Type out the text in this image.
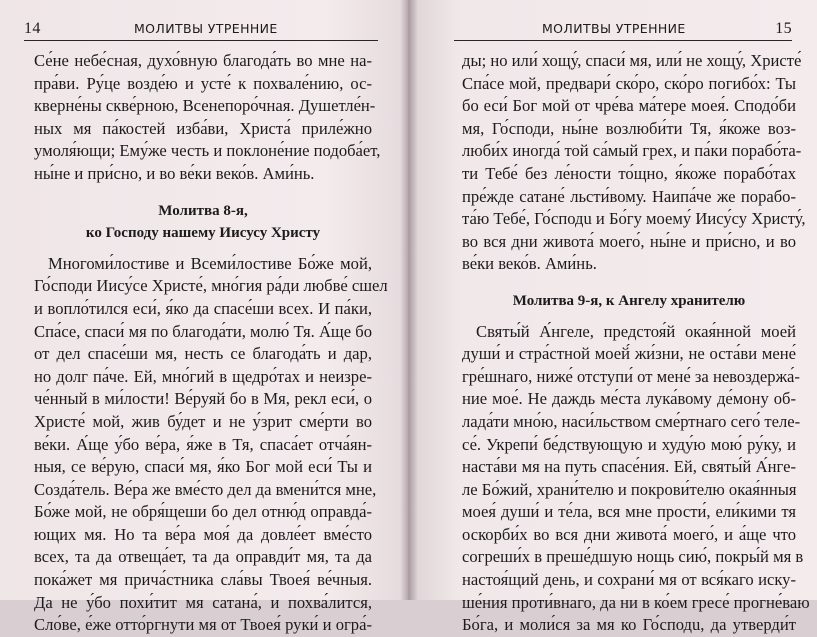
14	МОЛИТВЫ УТРЕННИЕ
Се́не небе́сная, духо́вную благода́ть во мне на-
пра́ви. Ру́це возде́ю и усте́ к похвале́нию, ос-
кверне́ны скве́рною, Всенепоро́чная. Душетле́н-
ных мя па́костей изба́ви, Христа́ приле́жно
умоля́ющи; Ему́же честь и поклоне́ние подоба́ет,
ны́не и при́сно, и во ве́ки веко́в. Ами́нь.
Молитва 8-я,
ко Господу нашему Иисусу Христу
Многоми́лостиве и Всеми́лостиве Бо́же мой,
Го́споди Иису́се Христе́, мно́гия ра́ди любве́ сшел
и вопло́тился еси́, я́ко да спасе́ши всех. И па́ки,
Спа́се, спаси́ мя по благода́ти, молю́ Тя. А́ще бо
от дел спасе́ши мя, несть се благода́ть и дар,
но долг па́че. Ей, мно́гий в щедро́тах и неизре-
че́нный в ми́лости! Ве́руяй бо в Мя, рекл еси́, о
Христе́ мой, жив бу́дет и не у́зрит сме́рти во
ве́ки. А́ще у́бо ве́ра, я́же в Тя, спаса́ет отча́ян-
ныя, се ве́рую, спаси́ мя, я́ко Бог мой еси́ Ты и
Созда́тель. Ве́ра же вме́сто дел да вмени́тся мне,
Бо́же мой, не обря́щеши бо дел отню́д оправда́-
ющих мя. Но та ве́ра моя́ да довле́ет вме́сто
всех, та да отвеща́ет, та да оправди́т мя, та да
пока́жет мя прича́стника сла́вы Твоея́ ве́чныя.
Да не у́бо похи́тит мя сатана́, и похва́лится,
Сло́ве, е́же отто́ргнути мя от Твоея́ руки́ и огра́-
МОЛИТВЫ УТРЕННИЕ	15
ды; но или́ хощу́, спаси́ мя, или́ не хощу́, Христе́
Спа́се мой, предвари́ ско́ро, ско́ро погибо́х: Ты
бо еси́ Бог мой от чре́ва ма́тере моея́. Сподо́би
мя, Го́споди, ны́не возлюби́ти Тя, я́коже воз-
люби́х иногда́ той са́мый грех, и па́ки порабо́та-
ти Тебе́ без ле́ности то́щно, я́коже порабо́тах
пре́жде сатане́ льсти́вому. Наипа́че же порабо-
та́ю Тебе́, Го́сподu и Бо́гу моему́ Иису́су Христу́,
во вся дни живота́ моего́, ны́не и при́сно, и во
ве́ки веко́в. Ами́нь.
Молитва 9-я, к Ангелу хранителю
Святы́й А́нгеле, предстоя́й окая́нной моей
души́ и стра́стной моей́ жи́зни, не оста́ви мене́
гре́шнаго, ниже́ отступи́ от мене́ за невоздержа́-
ние мое́. Не даждь ме́ста лука́вому де́мону об-
лада́ти мно́ю, наси́льством сме́ртнаго сего́ теле-
се́. Укрепи́ бе́дствующую и худу́ю мою́ ру́ку, и
наста́ви мя на путь спасе́ния. Ей, святы́й А́нге-
ле Бо́жий, храни́телю и покрови́телю окая́нныя
моея́ души́ и те́ла, вся мне прости́, ели́кими тя
оскорби́х во вся дни живота́ моего́, и а́ще что
согреши́х в преше́дшую нощь сию́, покры́й мя в
настоя́щий день, и сохрани́ мя от вся́каго иску-
ше́ния проти́внаго, да ни в ко́ем гресе́ прогне́ваю
Бо́га, и моли́ся за мя ко Го́сподu, да утверди́т
